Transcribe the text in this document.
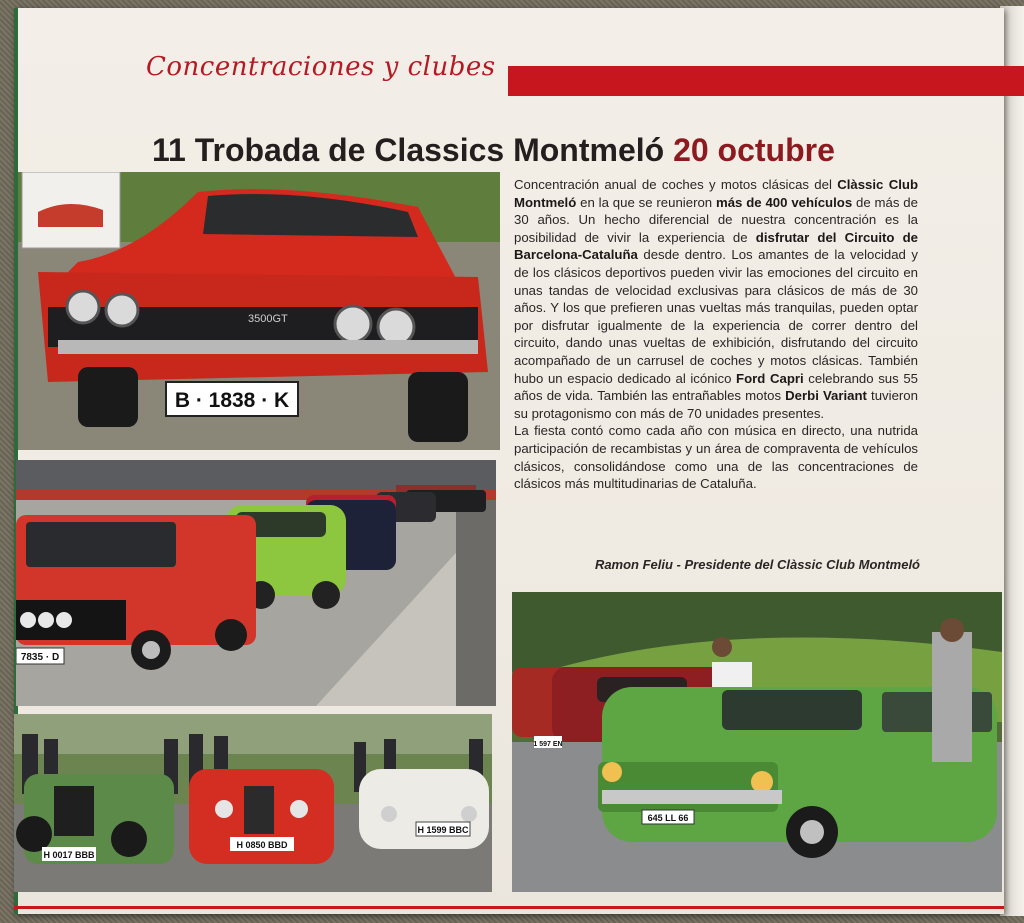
Concentraciones y clubes
11 Trobada de Classics Montmeló 20 octubre
3500GT
B · 1838 · K
7835 · D
H 0017 BBB
H 0850 BBD
H 1599 BBC
1 597 EN
645 LL 66

Concentración anual de coches y motos clásicas del Clàssic Club Montmeló en la que se reunieron más de 400 vehículos de más de 30 años. Un hecho diferencial de nuestra concentración es la posibilidad de vivir la experiencia de disfrutar del Circuito de Barcelona-Cataluña desde dentro. Los amantes de la velocidad y de los clásicos deportivos pueden vivir las emociones del circuito en unas tandas de velocidad exclusivas para clásicos de más de 30 años. Y los que prefieren unas vueltas más tranquilas, pueden optar por disfrutar igualmente de la experiencia de correr dentro del circuito, dando unas vueltas de exhibición, disfrutando del circuito acompañado de un carrusel de coches y motos clásicas. También hubo un espacio dedicado al icónico Ford Capri celebrando sus 55 años de vida. También las entrañables motos Derbi Variant tuvieron su protagonismo con más de 70 unidades presentes.

La fiesta contó como cada año con música en directo, una nutrida participación de recambistas y un área de compraventa de vehículos clásicos, consolidándose como una de las concentraciones de clásicos más multitudinarias de Cataluña.

Ramon Feliu - Presidente del Clàssic Club Montmeló
